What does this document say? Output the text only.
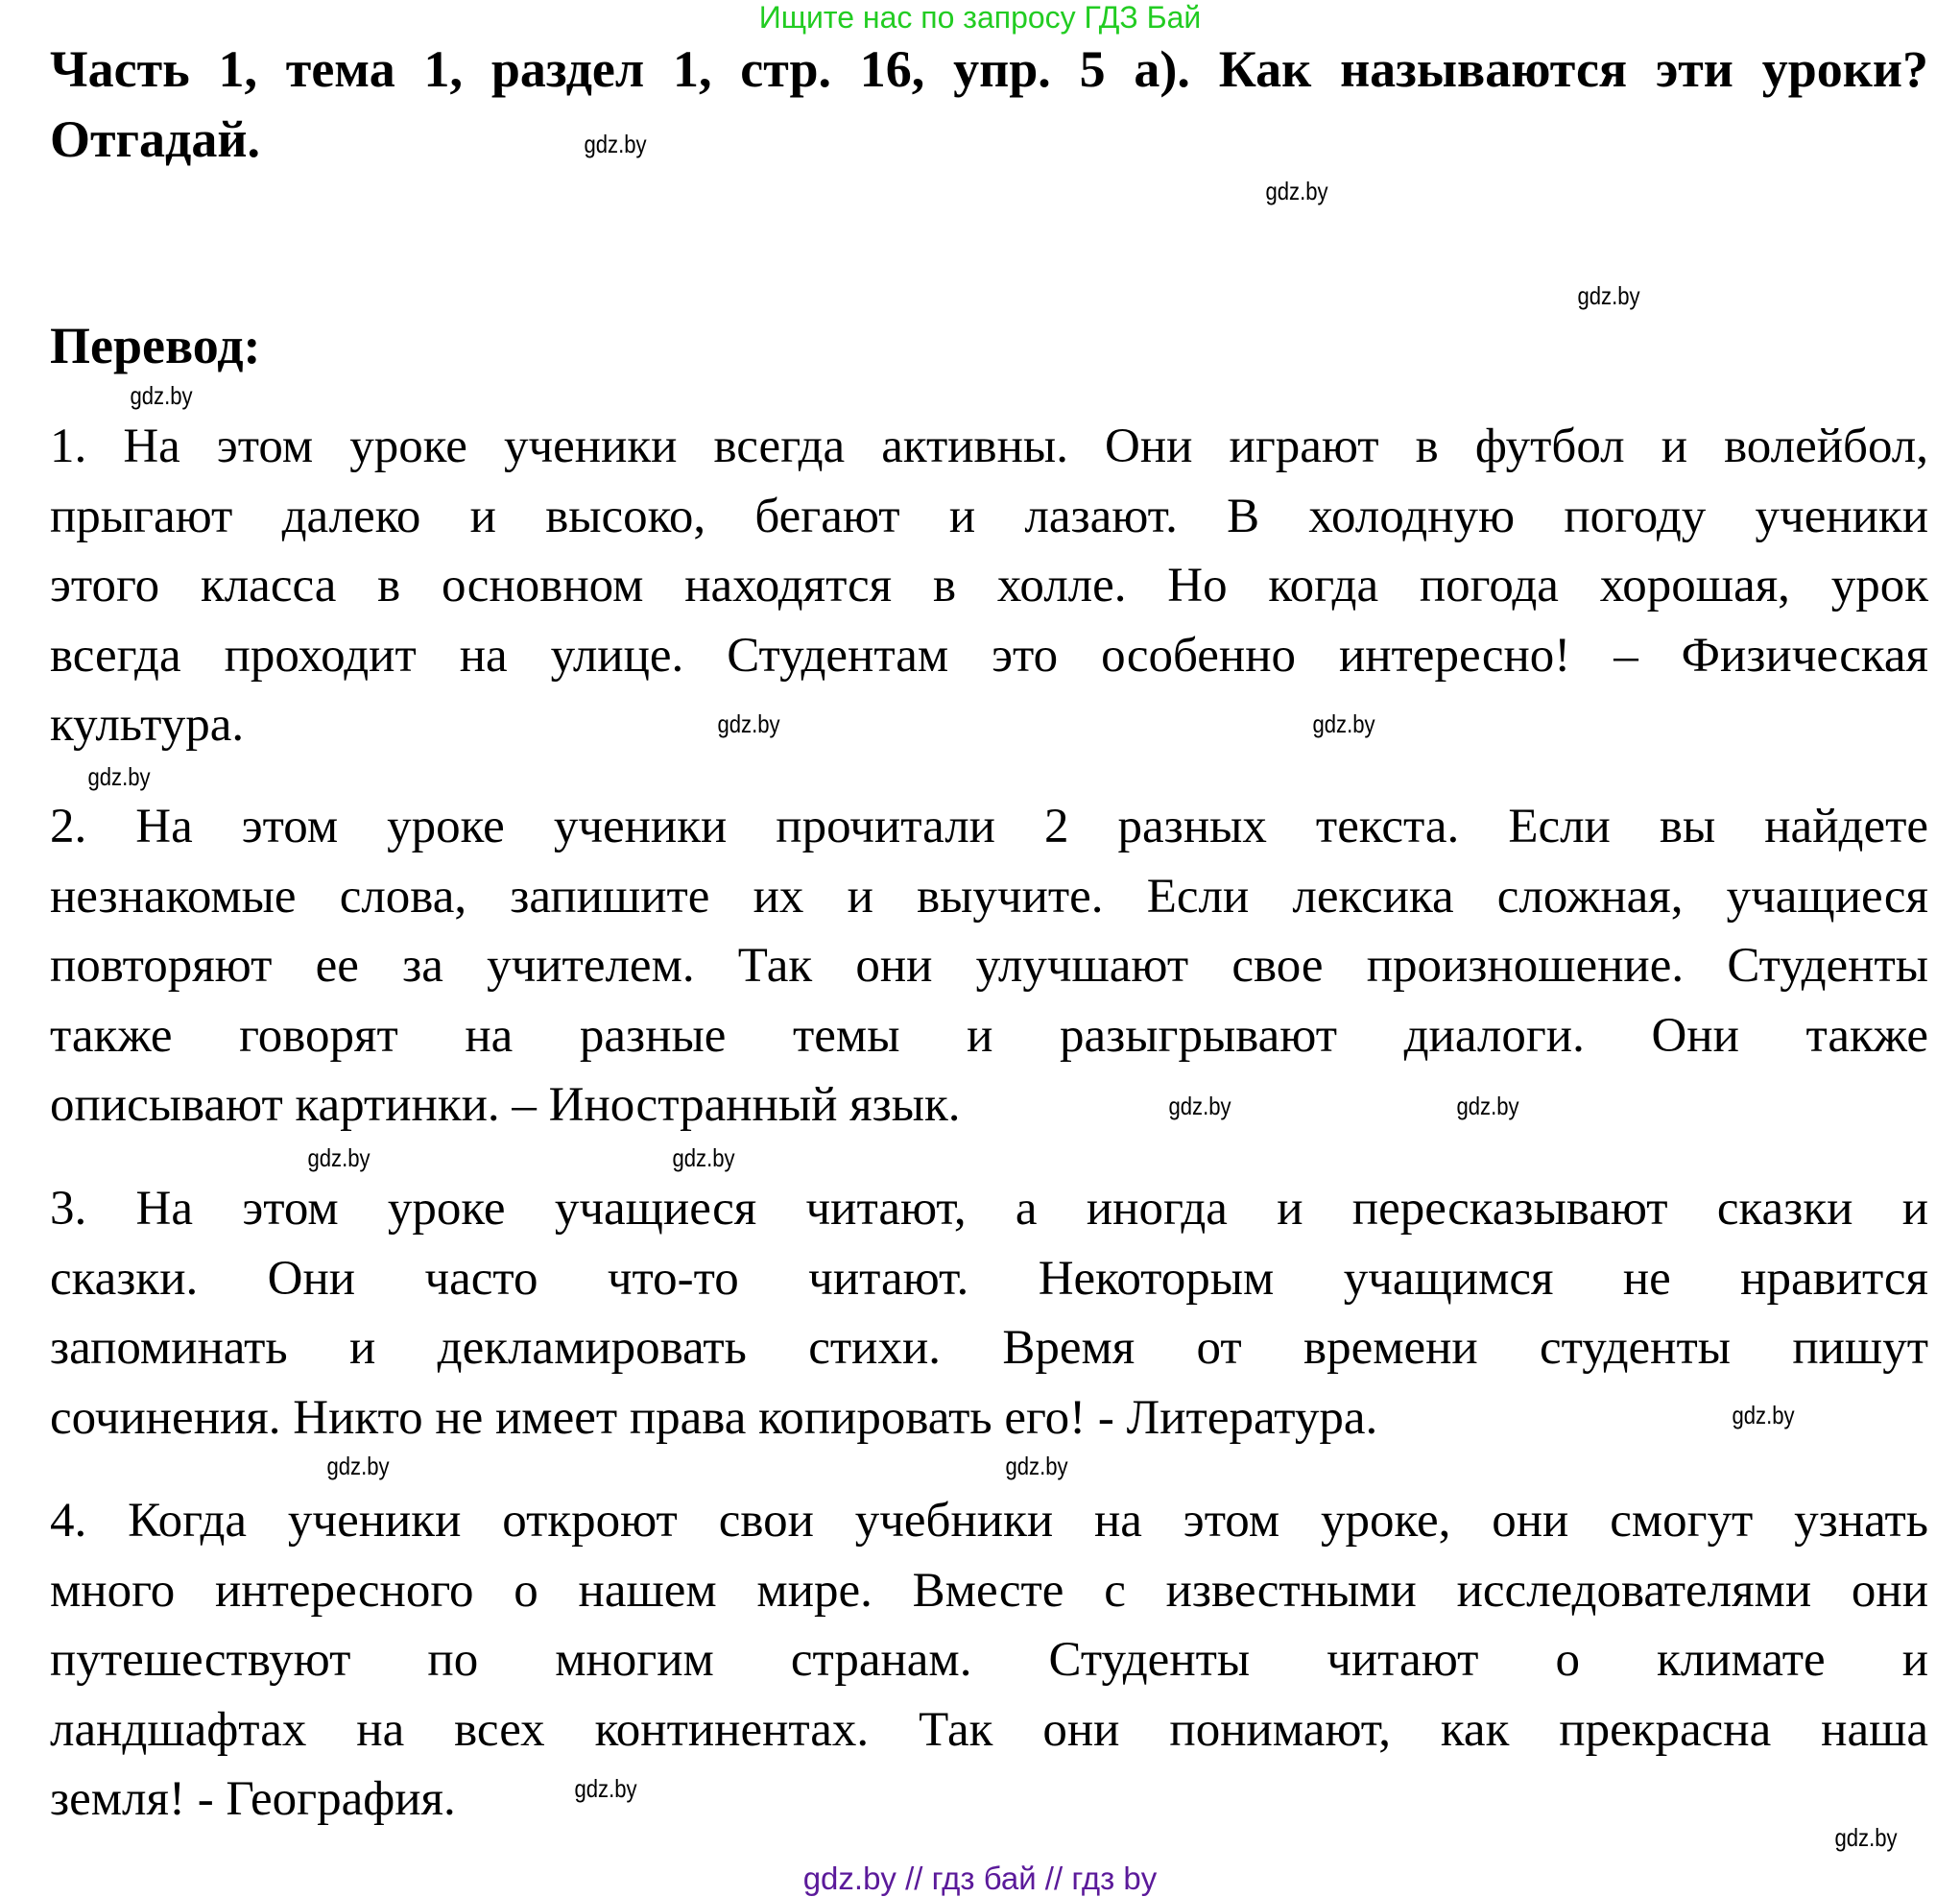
Ищите нас по запросу ГДЗ Бай
Часть 1, тема 1, раздел 1, стр. 16, упр. 5 а). Как называются эти уроки?
Отгадай.
Перевод:
1. На этом уроке ученики всегда активны. Они играют в футбол и волейбол,
прыгают далеко и высоко, бегают и лазают. В холодную погоду ученики
этого класса в основном находятся в холле. Но когда погода хорошая, урок
всегда проходит на улице. Студентам это особенно интересно! – Физическая
культура.
2. На этом уроке ученики прочитали 2 разных текста. Если вы найдете
незнакомые слова, запишите их и выучите. Если лексика сложная, учащиеся
повторяют ее за учителем. Так они улучшают свое произношение. Студенты
также говорят на разные темы и разыгрывают диалоги. Они также
описывают картинки. – Иностранный язык.
3. На этом уроке учащиеся читают, а иногда и пересказывают сказки и
сказки. Они часто что-то читают. Некоторым учащимся не нравится
запоминать и декламировать стихи. Время от времени студенты пишут
сочинения. Никто не имеет права копировать его! - Литература.
4. Когда ученики откроют свои учебники на этом уроке, они смогут узнать
много интересного о нашем мире. Вместе с известными исследователями они
путешествуют по многим странам. Студенты читают о климате и
ландшафтах на всех континентах. Так они понимают, как прекрасна наша
земля! - География.
gdz.by
gdz.by
gdz.by
gdz.by
gdz.by
gdz.by
gdz.by
gdz.by
gdz.by
gdz.by	gdz.by
gdz.by
gdz.by	gdz.by
gdz.by
gdz.by
gdz.by // гдз бай // гдз by
